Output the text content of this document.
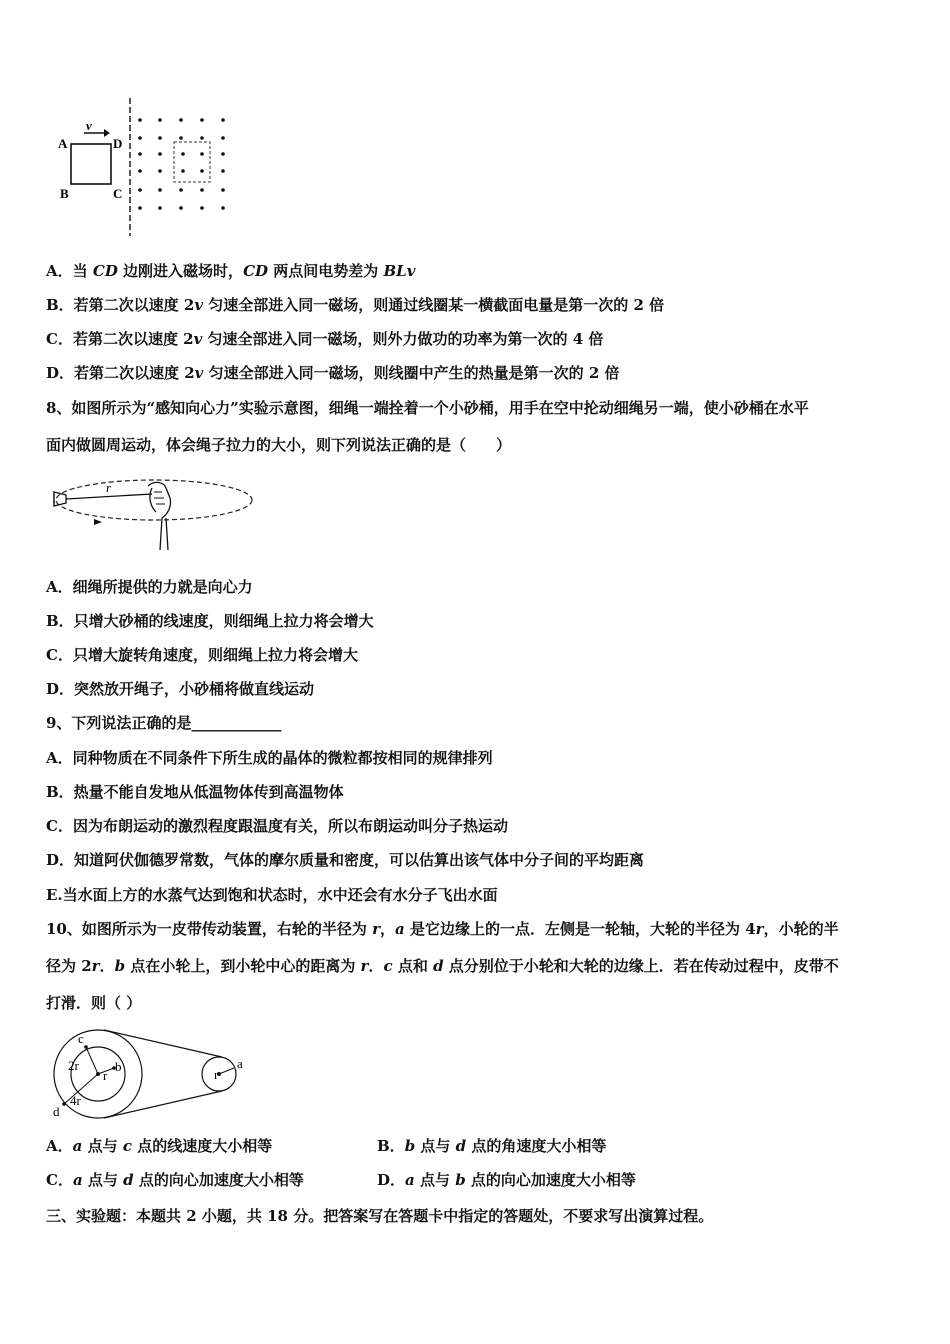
A
B
D
C
v
A．当 CD 边刚进入磁场时，CD 两点间电势差为 BLv
B．若第二次以速度 2v 匀速全部进入同一磁场，则通过线圈某一横截面电量是第一次的 2 倍
C．若第二次以速度 2v 匀速全部进入同一磁场，则外力做功的功率为第一次的 4 倍
D．若第二次以速度 2v 匀速全部进入同一磁场，则线圈中产生的热量是第一次的 2 倍
8、如图所示为“感知向心力”实验示意图，细绳一端拴着一个小砂桶，用手在空中抡动细绳另一端，使小砂桶在水平
面内做圆周运动，体会绳子拉力的大小，则下列说法正确的是（　　）
r
A．细绳所提供的力就是向心力
B．只增大砂桶的线速度，则细绳上拉力将会增大
C．只增大旋转角速度，则细绳上拉力将会增大
D．突然放开绳子，小砂桶将做直线运动
9、下列说法正确的是____________
A．同种物质在不同条件下所生成的晶体的微粒都按相同的规律排列
B．热量不能自发地从低温物体传到高温物体
C．因为布朗运动的激烈程度跟温度有关，所以布朗运动叫分子热运动
D．知道阿伏伽德罗常数，气体的摩尔质量和密度，可以估算出该气体中分子间的平均距离
E.当水面上方的水蒸气达到饱和状态时，水中还会有水分子飞出水面
10、如图所示为一皮带传动装置，右轮的半径为 r，a 是它边缘上的一点．左侧是一轮轴，大轮的半径为 4r，小轮的半
径为 2r．b 点在小轮上，到小轮中心的距离为 r．c 点和 d 点分别位于小轮和大轮的边缘上．若在传动过程中，皮带不
打滑．则（ ）
c
2r	b
r
4r
d
r
a
A．a 点与 c 点的线速度大小相等	B．b 点与 d 点的角速度大小相等
C．a 点与 d 点的向心加速度大小相等	D．a 点与 b 点的向心加速度大小相等
三、实验题：本题共 2 小题，共 18 分。把答案写在答题卡中指定的答题处，不要求写出演算过程。
